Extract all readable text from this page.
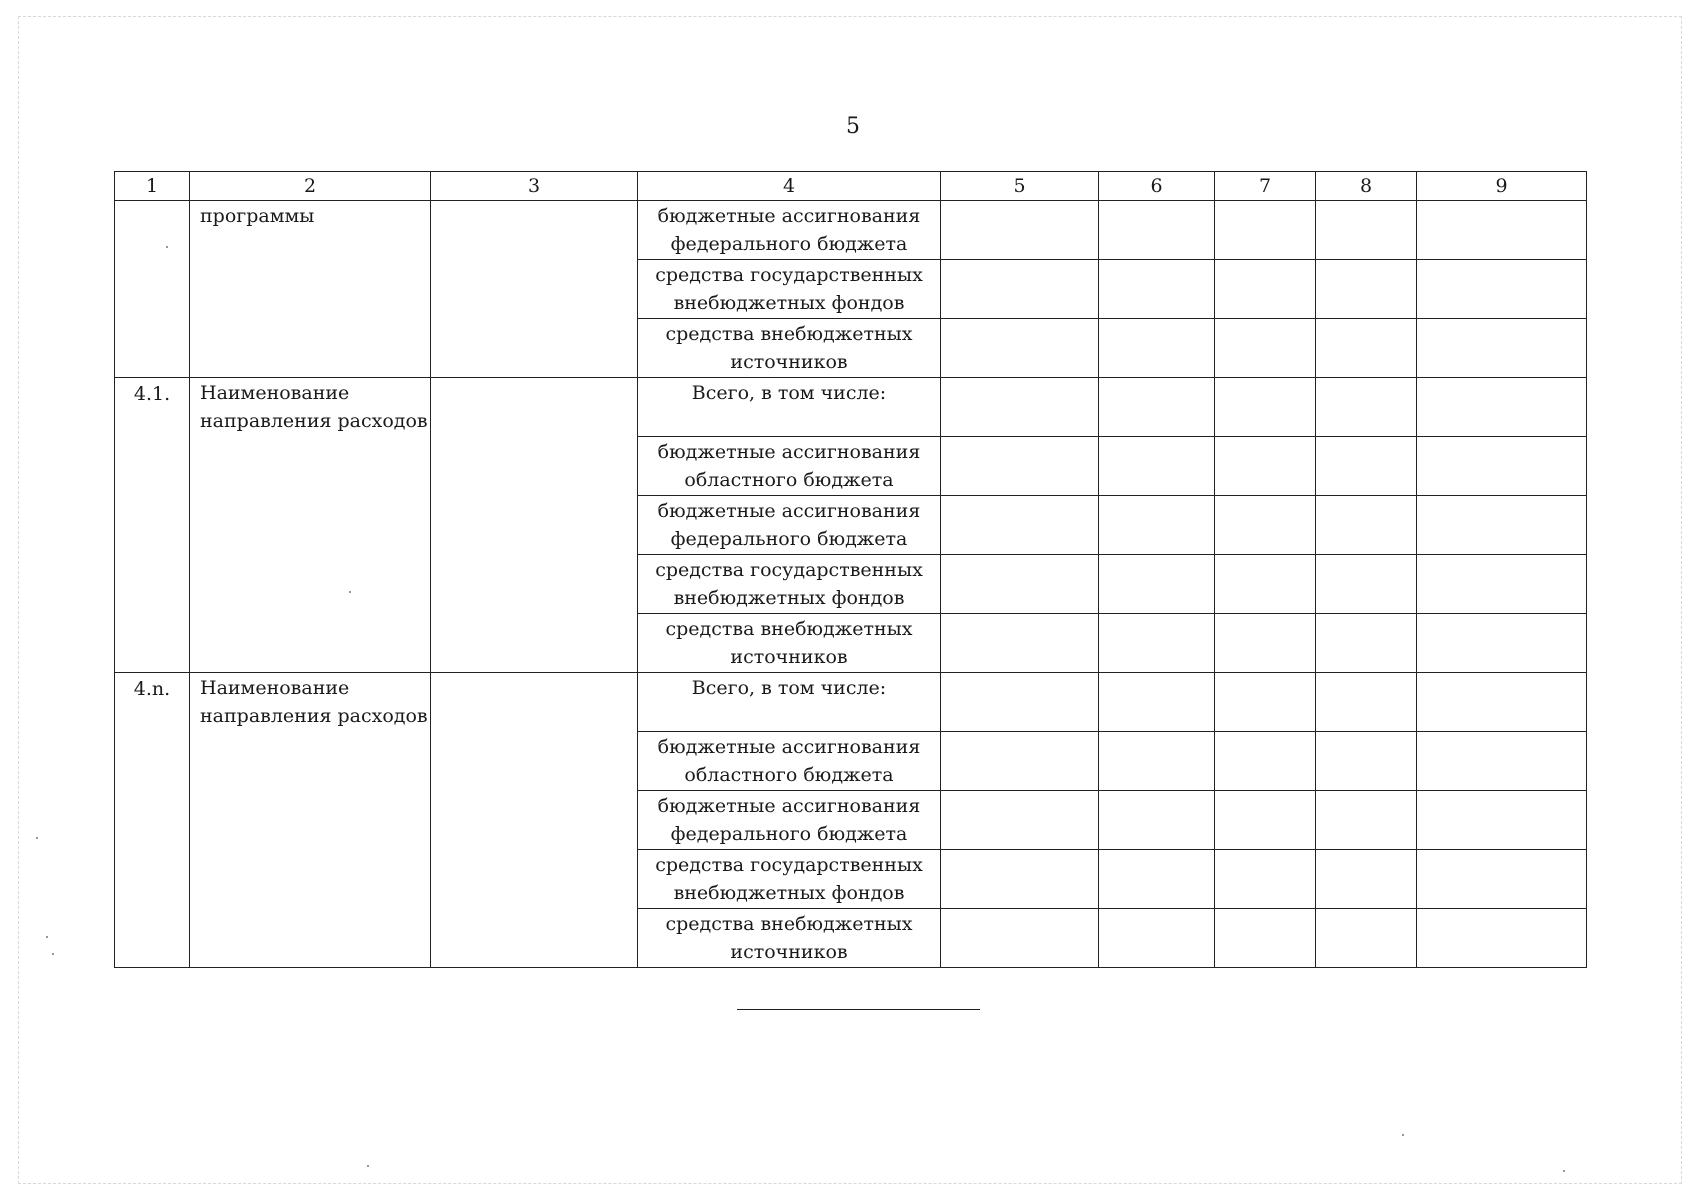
5
1	2	3	4	5	6	7	8	9
	программы		бюджетные ассигнования федерального бюджета					
			средства государственных внебюджетных фондов					
			средства внебюджетных источников					
4.1.	Наименование направления расходов		Всего, в том числе:					
			бюджетные ассигнования областного бюджета					
			бюджетные ассигнования федерального бюджета					
			средства государственных внебюджетных фондов					
			средства внебюджетных источников					
4.n.	Наименование направления расходов		Всего, в том числе:					
			бюджетные ассигнования областного бюджета					
			бюджетные ассигнования федерального бюджета					
			средства государственных внебюджетных фондов					
			средства внебюджетных источников					
